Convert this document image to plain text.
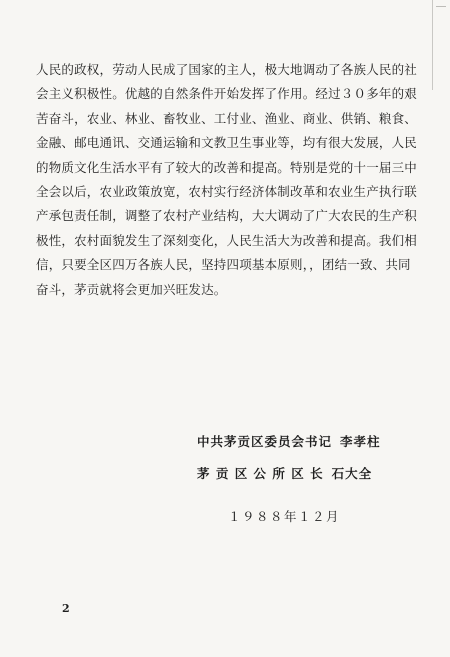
人民的政权，劳动人民成了国家的主人，极大地调动了各族人民的社
会主义积极性。优越的自然条件开始发挥了作用。经过３０多年的艰
苦奋斗，农业、林业、畜牧业、工付业、渔业、商业、供销、粮食、
金融、邮电通讯、交通运输和文教卫生事业等，均有很大发展，人民
的物质文化生活水平有了较大的改善和提高。特别是党的十一届三中
全会以后，农业政策放宽，农村实行经济体制改革和农业生产执行联
产承包责任制，调整了农村产业结构，大大调动了广大农民的生产积
极性，农村面貌发生了深刻变化，人民生活大为改善和提高。我们相
信，只要全区四万各族人民，坚持四项基本原则，，团结一致、共同
奋斗，茅贡就将会更加兴旺发达。
中共茅贡区委员会书记 李孝柱
茅 贡 区 公 所 区 长 石大全
１９８８年１２月
2
